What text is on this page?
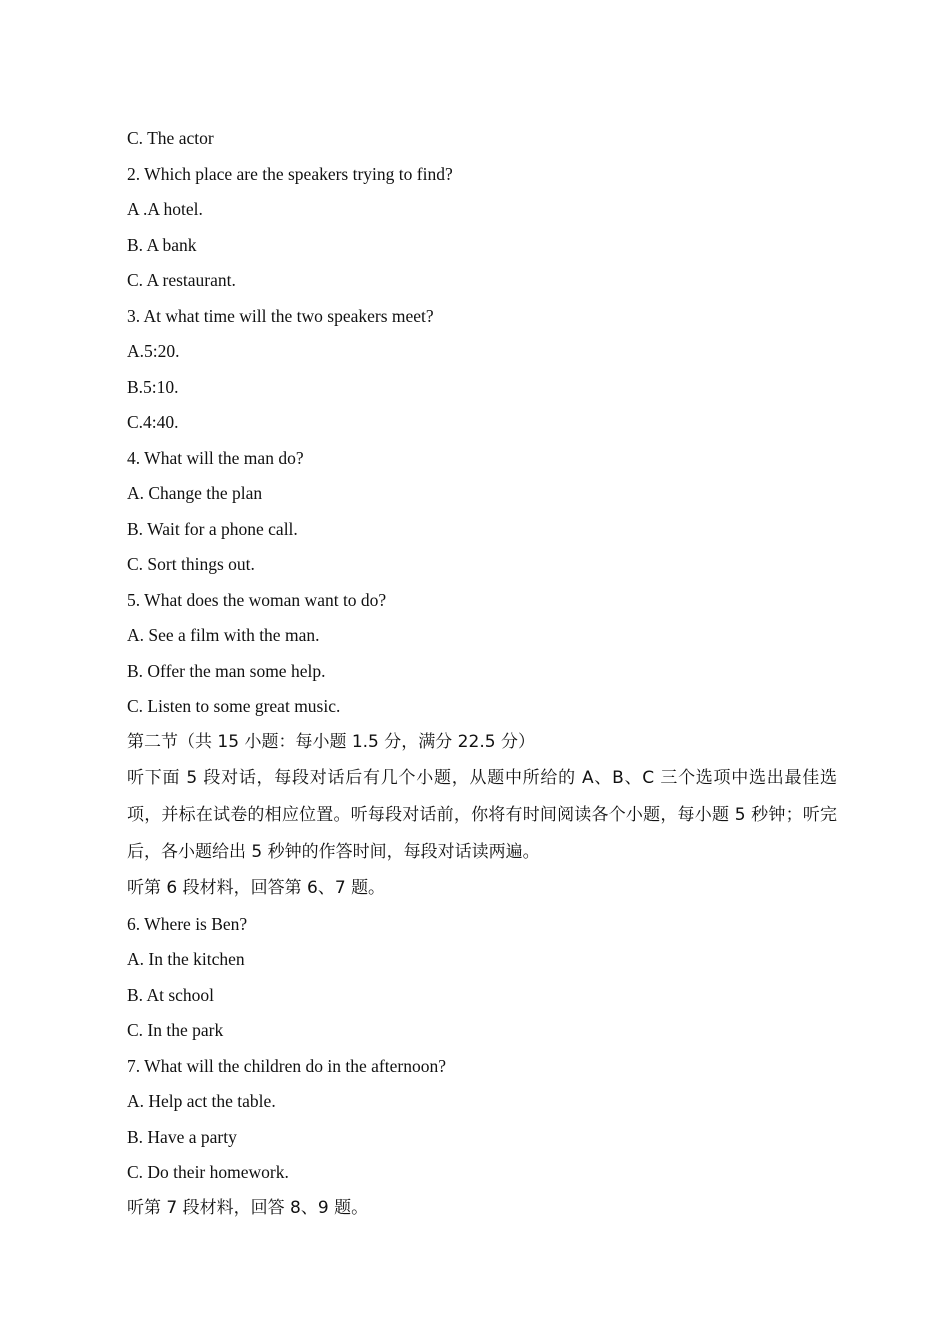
C. The actor
2. Which place are the speakers trying to find?
A .A hotel.
B. A bank
C. A restaurant.
3. At what time will the two speakers meet?
A.5:20.
B.5:10.
C.4:40.
4. What will the man do?
A. Change the plan
B. Wait for a phone call.
C. Sort things out.
5. What does the woman want to do?
A. See a film with the man.
B. Offer the man some help.
C. Listen to some great music.
第二节（共 15 小题：每小题 1.5 分，满分 22.5 分）
听下面 5 段对话，每段对话后有几个小题，从题中所给的 A、B、C 三个选项中选出最佳选项，并标在试卷的相应位置。听每段对话前，你将有时间阅读各个小题，每小题 5 秒钟；听完后，各小题给出 5 秒钟的作答时间，每段对话读两遍。
听第 6 段材料，回答第 6、7 题。
6. Where is Ben?
A. In the kitchen
B. At school
C. In the park
7. What will the children do in the afternoon?
A. Help act the table.
B. Have a party
C. Do their homework.
听第 7 段材料，回答 8、9 题。
